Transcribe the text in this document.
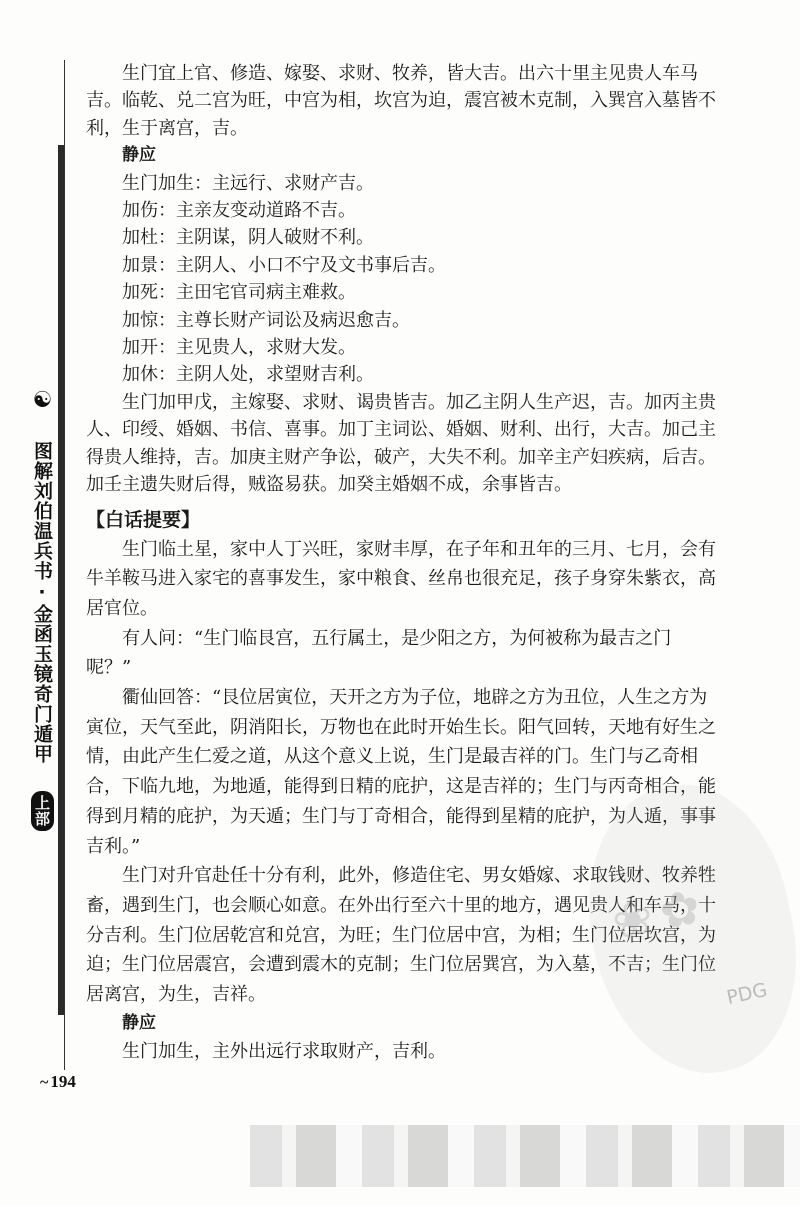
☯ 图解刘伯温兵书·金函玉镜奇门遁甲 上部

生门宜上官、修造、嫁娶、求财、牧养，皆大吉。出六十里主见贵人车马

吉。临乾、兑二宫为旺，中宫为相，坎宫为迫，震宫被木克制，入巽宫入墓皆不

利，生于离宫，吉。

静应

生门加生：主远行、求财产吉。

加伤：主亲友变动道路不吉。

加杜：主阴谋，阴人破财不利。

加景：主阴人、小口不宁及文书事后吉。

加死：主田宅官司病主难救。

加惊：主尊长财产词讼及病迟愈吉。

加开：主见贵人，求财大发。

加休：主阴人处，求望财吉利。

生门加甲戊，主嫁娶、求财、谒贵皆吉。加乙主阴人生产迟，吉。加丙主贵

人、印绶、婚姻、书信、喜事。加丁主词讼、婚姻、财利、出行，大吉。加己主

得贵人维持，吉。加庚主财产争讼，破产，大失不利。加辛主产妇疾病，后吉。

加壬主遗失财后得，贼盗易获。加癸主婚姻不成，余事皆吉。

【白话提要】

生门临土星，家中人丁兴旺，家财丰厚，在子年和丑年的三月、七月，会有

牛羊鞍马进入家宅的喜事发生，家中粮食、丝帛也很充足，孩子身穿朱紫衣，高

居官位。

有人问：“生门临艮宫，五行属土，是少阳之方，为何被称为最吉之门

呢？”

衢仙回答：“艮位居寅位，天开之方为子位，地辟之方为丑位，人生之方为

寅位，天气至此，阴消阳长，万物也在此时开始生长。阳气回转，天地有好生之

情，由此产生仁爱之道，从这个意义上说，生门是最吉祥的门。生门与乙奇相

合，下临九地，为地遁，能得到日精的庇护，这是吉祥的；生门与丙奇相合，能

得到月精的庇护，为天遁；生门与丁奇相合，能得到星精的庇护，为人遁，事事

吉利。”

生门对升官赴任十分有利，此外，修造住宅、男女婚嫁、求取钱财、牧养牲

畜，遇到生门，也会顺心如意。在外出行至六十里的地方，遇见贵人和车马，十

分吉利。生门位居乾宫和兑宫，为旺；生门位居中宫，为相；生门位居坎宫，为

迫；生门位居震宫，会遭到震木的克制；生门位居巽宫，为入墓，不吉；生门位

居离宫，为生，吉祥。

静应

生门加生，主外出远行求取财产，吉利。

~ 194
❀✿
PDG
